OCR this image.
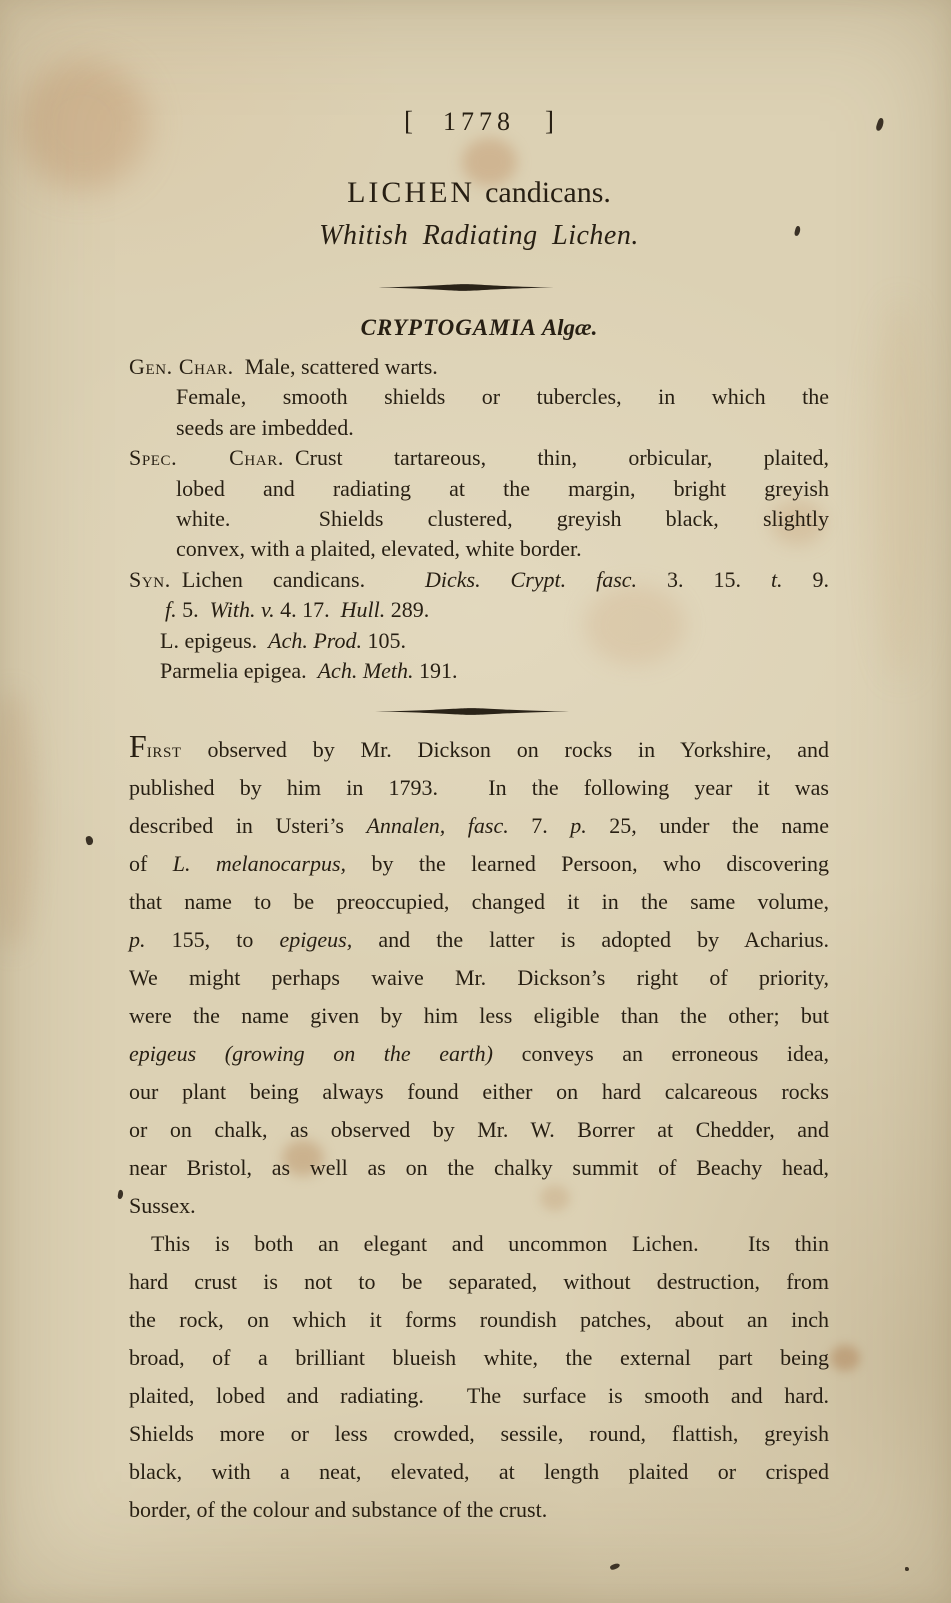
[ 1778 ]
LICHEN candicans.
Whitish Radiating Lichen.
CRYPTOGAMIA Algæ.
Gen. Char. Male, scattered warts.
Female, smooth shields or tubercles, in which the
seeds are imbedded.
Spec. Char. Crust tartareous, thin, orbicular, plaited,
lobed and radiating at the margin, bright greyish
white.  Shields clustered, greyish black, slightly
convex, with a plaited, elevated, white border.
Syn. Lichen candicans.  Dicks. Crypt. fasc. 3. 15. t. 9.
f. 5.  With. v. 4. 17.  Hull. 289.
L. epigeus.  Ach. Prod. 105.
Parmelia epigea.  Ach. Meth. 191.
First observed by Mr. Dickson on rocks in Yorkshire, and
published by him in 1793.  In the following year it was
described in Usteri’s Annalen, fasc. 7. p. 25, under the name
of L. melanocarpus, by the learned Persoon, who discovering
that name to be preoccupied, changed it in the same volume,
p. 155, to epigeus, and the latter is adopted by Acharius.
We might perhaps waive Mr. Dickson’s right of priority,
were the name given by him less eligible than the other; but
epigeus (growing on the earth) conveys an erroneous idea,
our plant being always found either on hard calcareous rocks
or on chalk, as observed by Mr. W. Borrer at Chedder, and
near Bristol, as well as on the chalky summit of Beachy head,
Sussex.
This is both an elegant and uncommon Lichen.  Its thin
hard crust is not to be separated, without destruction, from
the rock, on which it forms roundish patches, about an inch
broad, of a brilliant blueish white, the external part being
plaited, lobed and radiating.  The surface is smooth and hard.
Shields more or less crowded, sessile, round, flattish, greyish
black, with a neat, elevated, at length plaited or crisped
border, of the colour and substance of the crust.
